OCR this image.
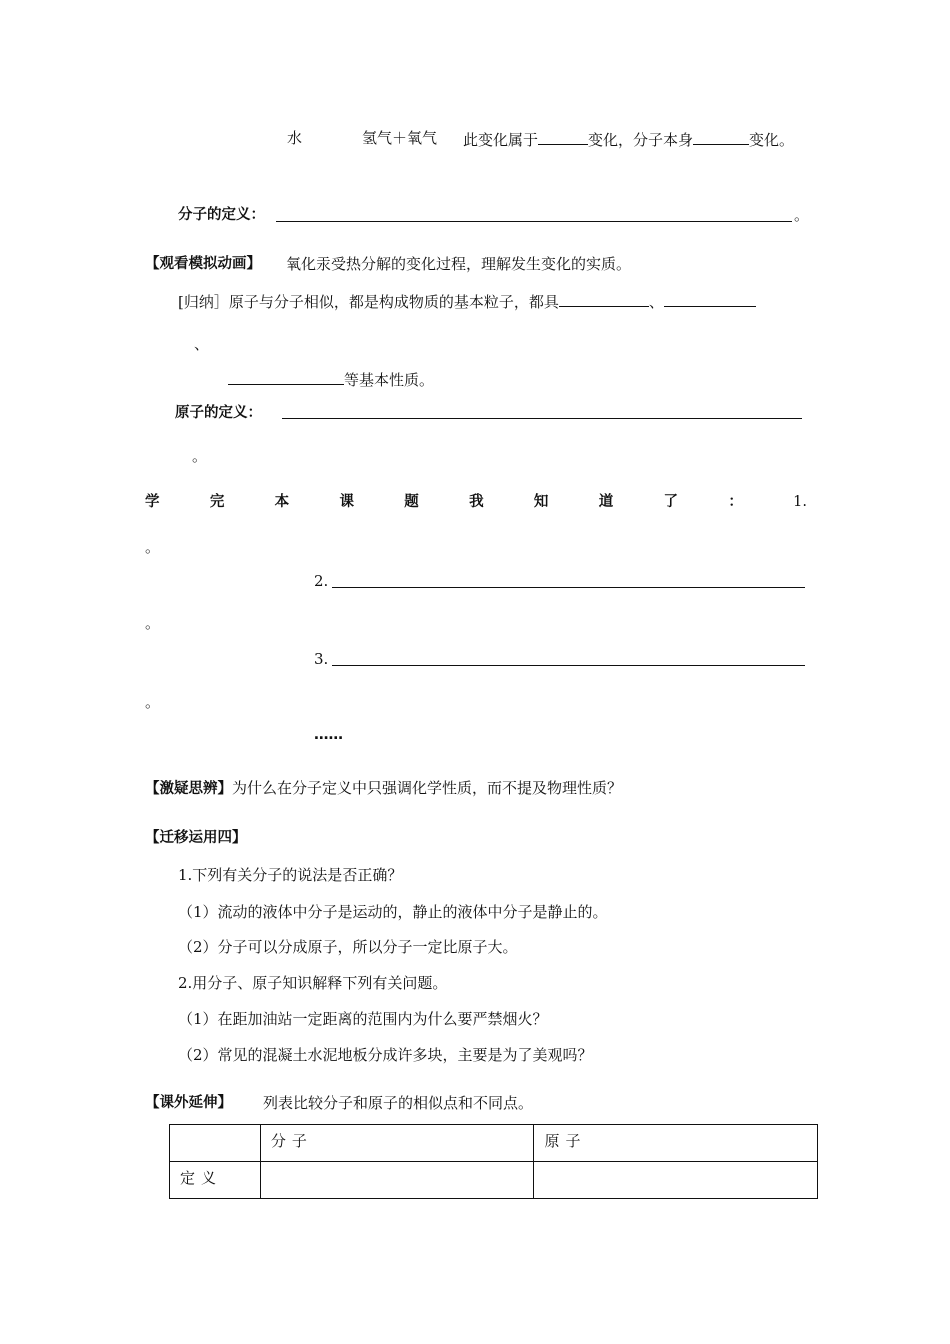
水	氢气＋氧气 此变化属于	变化，分子本身	变化。
分子的定义：	。
【观看模拟动画】 氧化汞受热分解的变化过程，理解发生变化的实质。
[归纳］原子与分子相似，都是构成物质的基本粒子，都具	、
、
等基本性质。
原子的定义：
。
学	完	本	课	题	我	知	道	了	：	1.
。
2.
。
3.
。
……
【激疑思辨】为什么在分子定义中只强调化学性质，而不提及物理性质？
【迁移运用四】
1.下列有关分子的说法是否正确？
（1）流动的液体中分子是运动的，静止的液体中分子是静止的。
（2）分子可以分成原子，所以分子一定比原子大。
2.用分子、原子知识解释下列有关问题。
（1）在距加油站一定距离的范围内为什么要严禁烟火？
（2）常见的混凝土水泥地板分成许多块，主要是为了美观吗？
【课外延伸】 列表比较分子和原子的相似点和不同点。
	分子	原子
定义		
